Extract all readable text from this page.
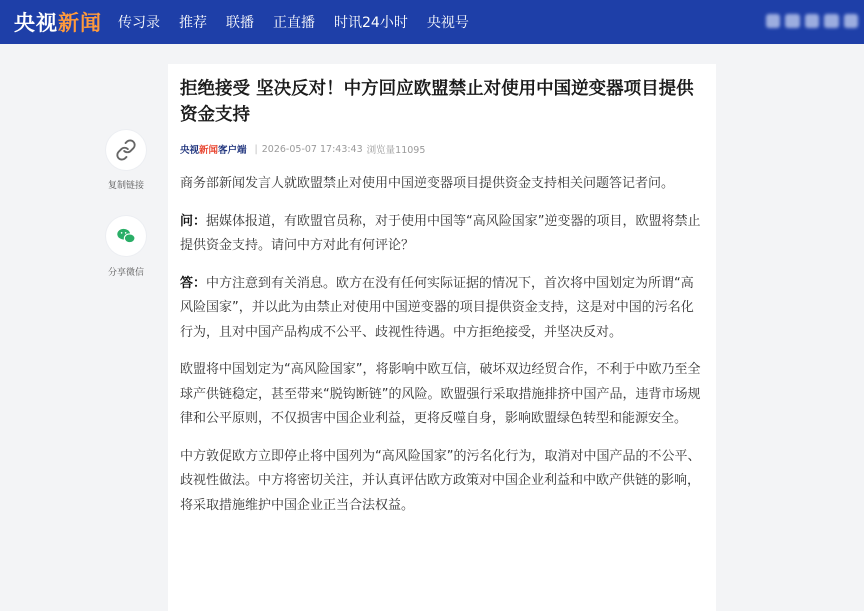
央视新闻 传习录 推荐 联播 正直播 时讯24小时 央视号
复制链接
分享微信
拒绝接受 坚决反对！中方回应欧盟禁止对使用中国逆变器项目提供资金支持
央视新闻客户端 | 2026-05-07 17:43:43 浏览量11095

商务部新闻发言人就欧盟禁止对使用中国逆变器项目提供资金支持相关问题答记者问。

问：据媒体报道，有欧盟官员称，对于使用中国等“高风险国家”逆变器的项目，欧盟将禁止提供资金支持。请问中方对此有何评论？

答：中方注意到有关消息。欧方在没有任何实际证据的情况下，首次将中国划定为所谓“高风险国家”，并以此为由禁止对使用中国逆变器的项目提供资金支持，这是对中国的污名化行为，且对中国产品构成不公平、歧视性待遇。中方拒绝接受，并坚决反对。

欧盟将中国划定为“高风险国家”，将影响中欧互信，破坏双边经贸合作，不利于中欧乃至全球产供链稳定，甚至带来“脱钩断链”的风险。欧盟强行采取措施排挤中国产品，违背市场规律和公平原则，不仅损害中国企业利益，更将反噬自身，影响欧盟绿色转型和能源安全。

中方敦促欧方立即停止将中国列为“高风险国家”的污名化行为，取消对中国产品的不公平、歧视性做法。中方将密切关注，并认真评估欧方政策对中国企业利益和中欧产供链的影响，将采取措施维护中国企业正当合法权益。
